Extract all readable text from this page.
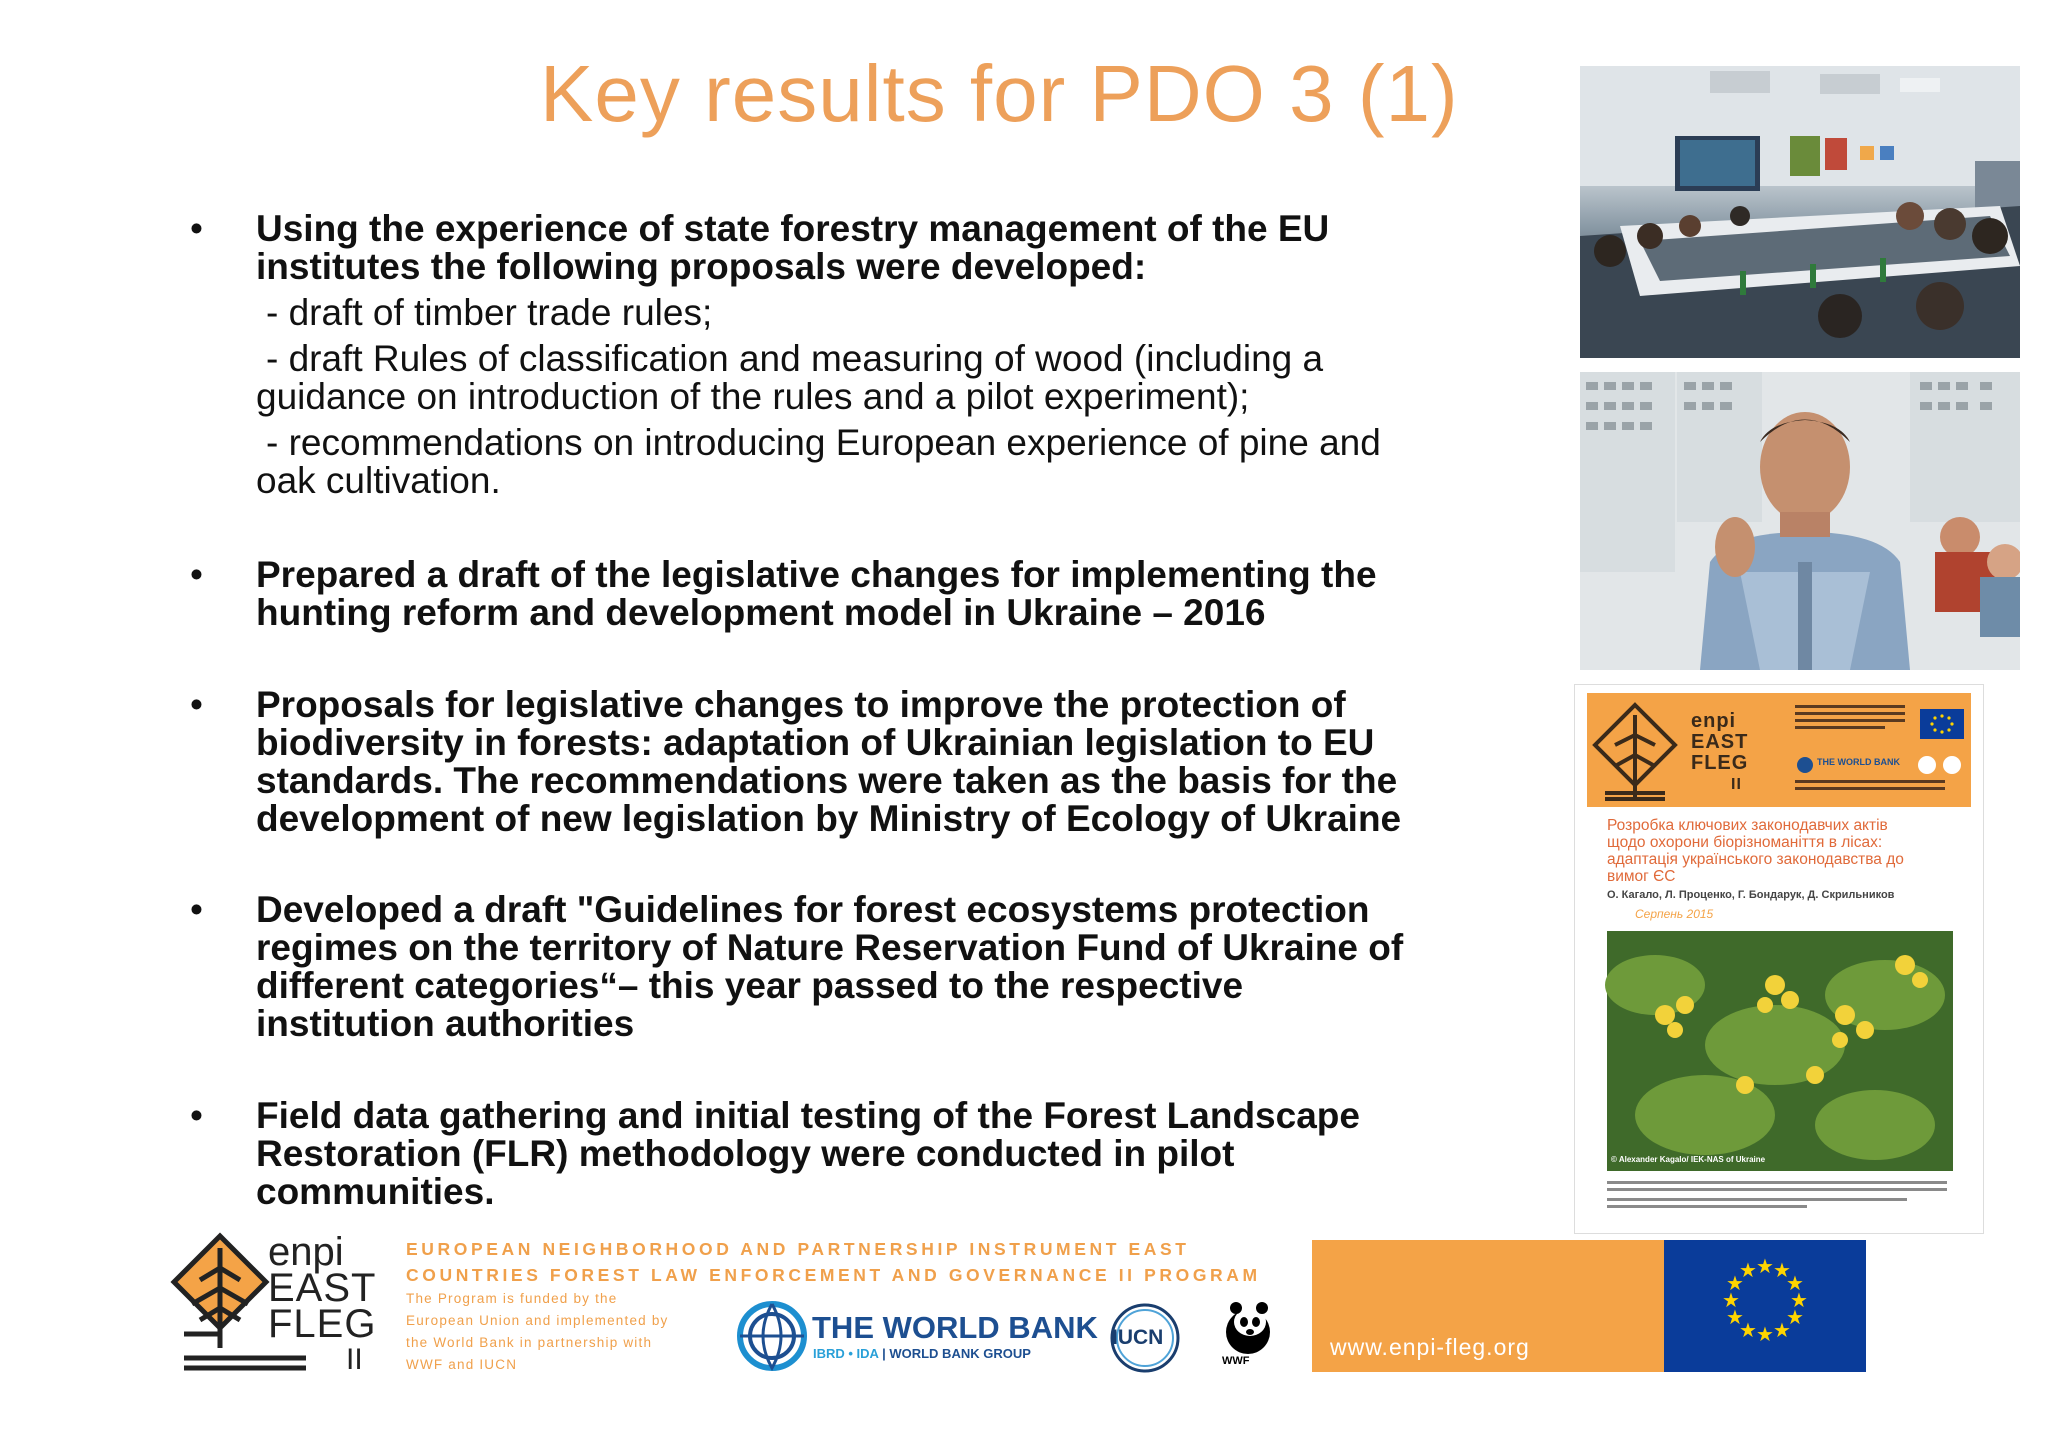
Key results for PDO 3 (1)
• Using the experience of state forestry management of the EU
institutes the following proposals were developed:
- draft of timber trade rules;
- draft Rules of classification and measuring of wood (including a
guidance on introduction of the rules and a pilot experiment);
- recommendations on introducing European experience of pine and
oak cultivation.
• Prepared a draft of the legislative changes for implementing the
hunting reform and development model in Ukraine – 2016
• Proposals for legislative changes to improve the protection of
biodiversity in forests: adaptation of Ukrainian legislation to EU
standards. The recommendations were taken as the basis for the
development of new legislation by Ministry of Ecology of Ukraine
• Developed a draft "Guidelines for forest ecosystems protection
regimes on the territory of Nature Reservation Fund of Ukraine of
different categories“– this year passed to the respective
institution authorities
• Field data gathering and initial testing of the Forest Landscape
Restoration (FLR) methodology were conducted in pilot
communities.
enpi
EAST
FLEG
II
THE WORLD BANK
Розробка ключових законодавчих актів
щодо охорони біорізноманіття в лісах:
адаптація українського законодавства до
вимог ЄС
О. Кагало, Л. Проценко, Г. Бондарук, Д. Скрильников
Серпень 2015
© Alexander Kagalo/ IEK-NAS of Ukraine
enpi
EAST
FLEG
II
EUROPEAN NEIGHBORHOOD AND PARTNERSHIP INSTRUMENT EAST
COUNTRIES FOREST LAW ENFORCEMENT AND GOVERNANCE II PROGRAM
The Program is funded by the
European Union and implemented by
the World Bank in partnership with
WWF and IUCN
THE WORLD BANK
IBRD • IDA | WORLD BANK GROUP
IUCN
WWF
www.enpi-fleg.org
★ ★
★
★
★
★
★
★
★
★
★
★
